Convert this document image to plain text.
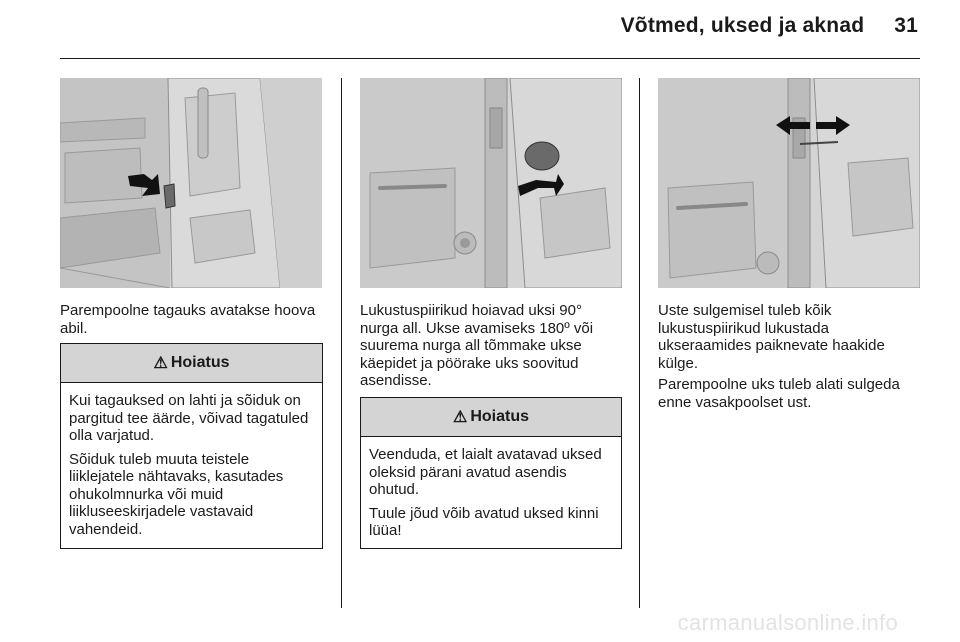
Võtmed, uksed ja aknad 31

Parempoolne tagauks avatakse hoova abil.

⚠ Hoiatus

Kui tagauksed on lahti ja sõiduk on pargitud tee äärde, võivad tagatuled olla varjatud.

Sõiduk tuleb muuta teistele liiklejatele nähtavaks, kasutades ohukolmnurka või muid liikluseeskirjadele vastavaid vahendeid.

Lukustuspiirikud hoiavad uksi 90° nurga all. Ukse avamiseks 180º või suurema nurga all tõmmake ukse käepidet ja pöörake uks soovitud asendisse.

⚠ Hoiatus

Veenduda, et laialt avatavad uksed oleksid pärani avatud asendis ohutud.

Tuule jõud võib avatud uksed kinni lüüa!

Uste sulgemisel tuleb kõik lukustuspiirikud lukustada ukseraamides paiknevate haakide külge.

Parempoolne uks tuleb alati sulgeda enne vasakpoolset ust.

carmanualsonline.info
